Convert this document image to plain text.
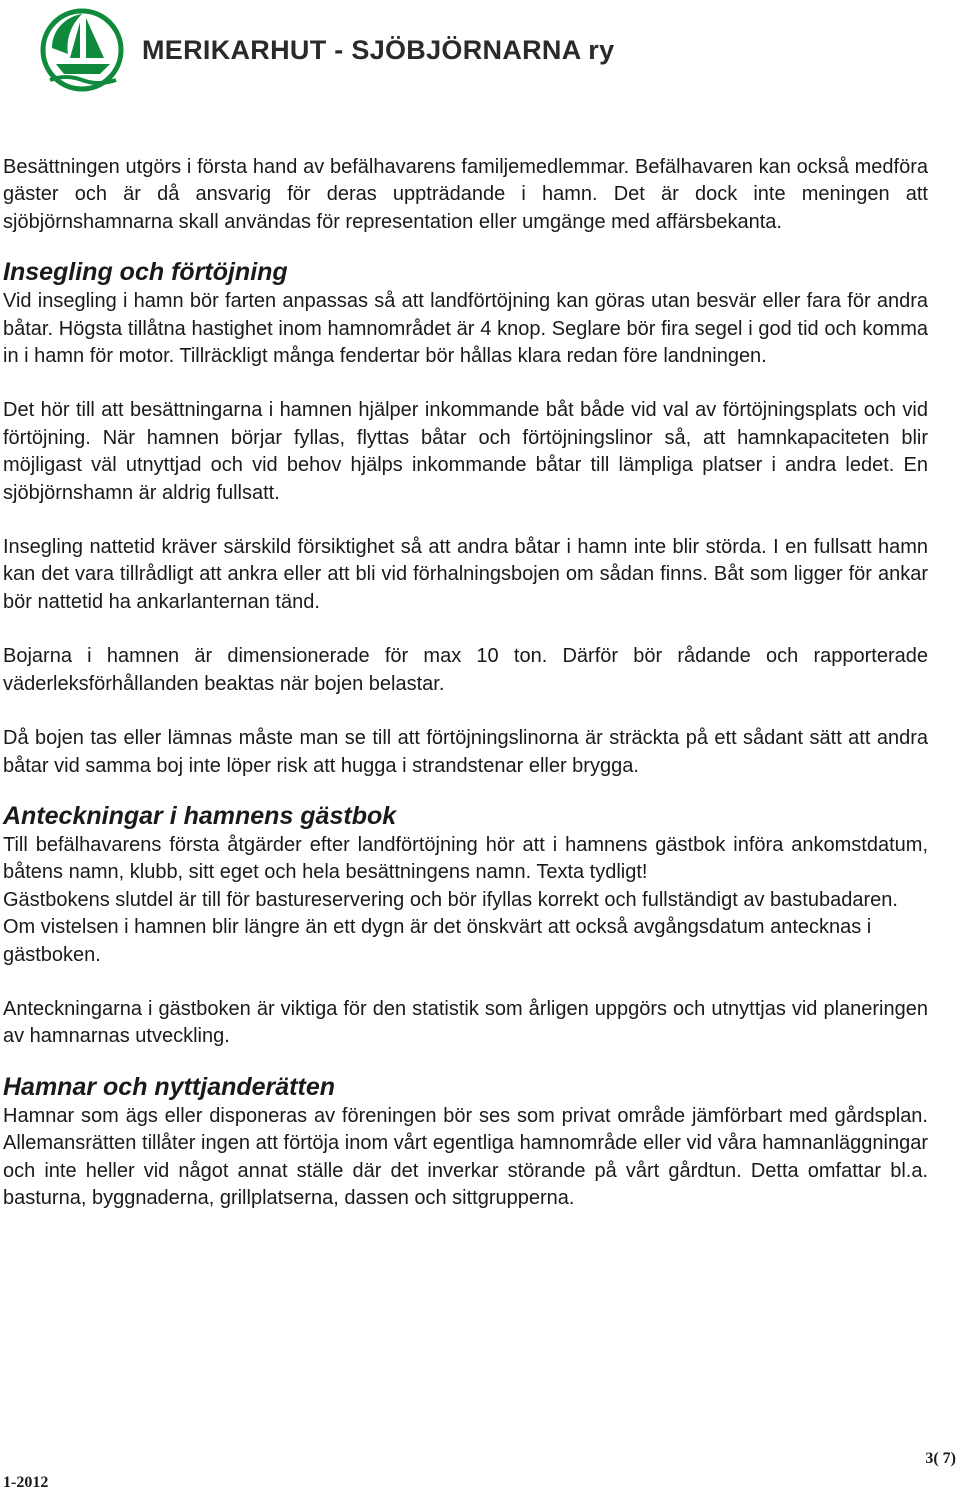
MERIKARHUT - SJÖBJÖRNARNA ry

Besättningen utgörs i första hand av befälhavarens familjemedlemmar. Befälhavaren kan också medföra gäster och är då ansvarig för deras uppträdande i hamn. Det är dock inte meningen att sjöbjörnshamnarna skall användas för representation eller umgänge med affärsbekanta.

Insegling och förtöjning

Vid insegling i hamn bör farten anpassas så att landförtöjning kan göras utan besvär eller fara för andra båtar. Högsta tillåtna hastighet inom hamnområdet är 4 knop. Seglare bör fira segel i god tid och komma in i hamn för motor. Tillräckligt många fendertar bör hållas klara redan före landningen.

Det hör till att besättningarna i hamnen hjälper inkommande båt både vid val av förtöjningsplats och vid förtöjning. När hamnen börjar fyllas, flyttas båtar och förtöjningslinor så, att hamnkapaciteten blir möjligast väl utnyttjad och vid behov hjälps inkommande båtar till lämpliga platser i andra ledet. En sjöbjörnshamn är aldrig fullsatt.

Insegling nattetid kräver särskild försiktighet så att andra båtar i hamn inte blir störda. I en fullsatt hamn kan det vara tillrådligt att ankra eller att bli vid förhalningsbojen om sådan finns. Båt som ligger för ankar bör nattetid ha ankarlanternan tänd.

Bojarna i hamnen är dimensionerade för max 10 ton. Därför bör rådande och rapporterade väderleksförhållanden beaktas när bojen belastar.

Då bojen tas eller lämnas måste man se till att förtöjningslinorna är sträckta på ett sådant sätt att andra båtar vid samma boj inte löper risk att hugga i strandstenar eller brygga.

Anteckningar i hamnens gästbok

Till befälhavarens första åtgärder efter landförtöjning hör att i hamnens gästbok införa ankomstdatum, båtens namn, klubb, sitt eget och hela besättningens namn. Texta tydligt!

Gästbokens slutdel är till för bastureservering och bör ifyllas korrekt och fullständigt av bastubadaren.

Om vistelsen i hamnen blir längre än ett dygn är det önskvärt att också avgångsdatum antecknas i gästboken.

Anteckningarna i gästboken är viktiga för den statistik som årligen uppgörs och utnyttjas vid planeringen av hamnarnas utveckling.

Hamnar och nyttjanderätten

Hamnar som ägs eller disponeras av föreningen bör ses som privat område jämförbart med gårdsplan. Allemansrätten tillåter ingen att förtöja inom vårt egentliga hamnområde eller vid våra hamnanläggningar och inte heller vid något annat ställe där det inverkar störande på vårt gårdtun. Detta omfattar bl.a. basturna, byggnaderna, grillplatserna, dassen och sittgrupperna.

3( 7)
1-2012
